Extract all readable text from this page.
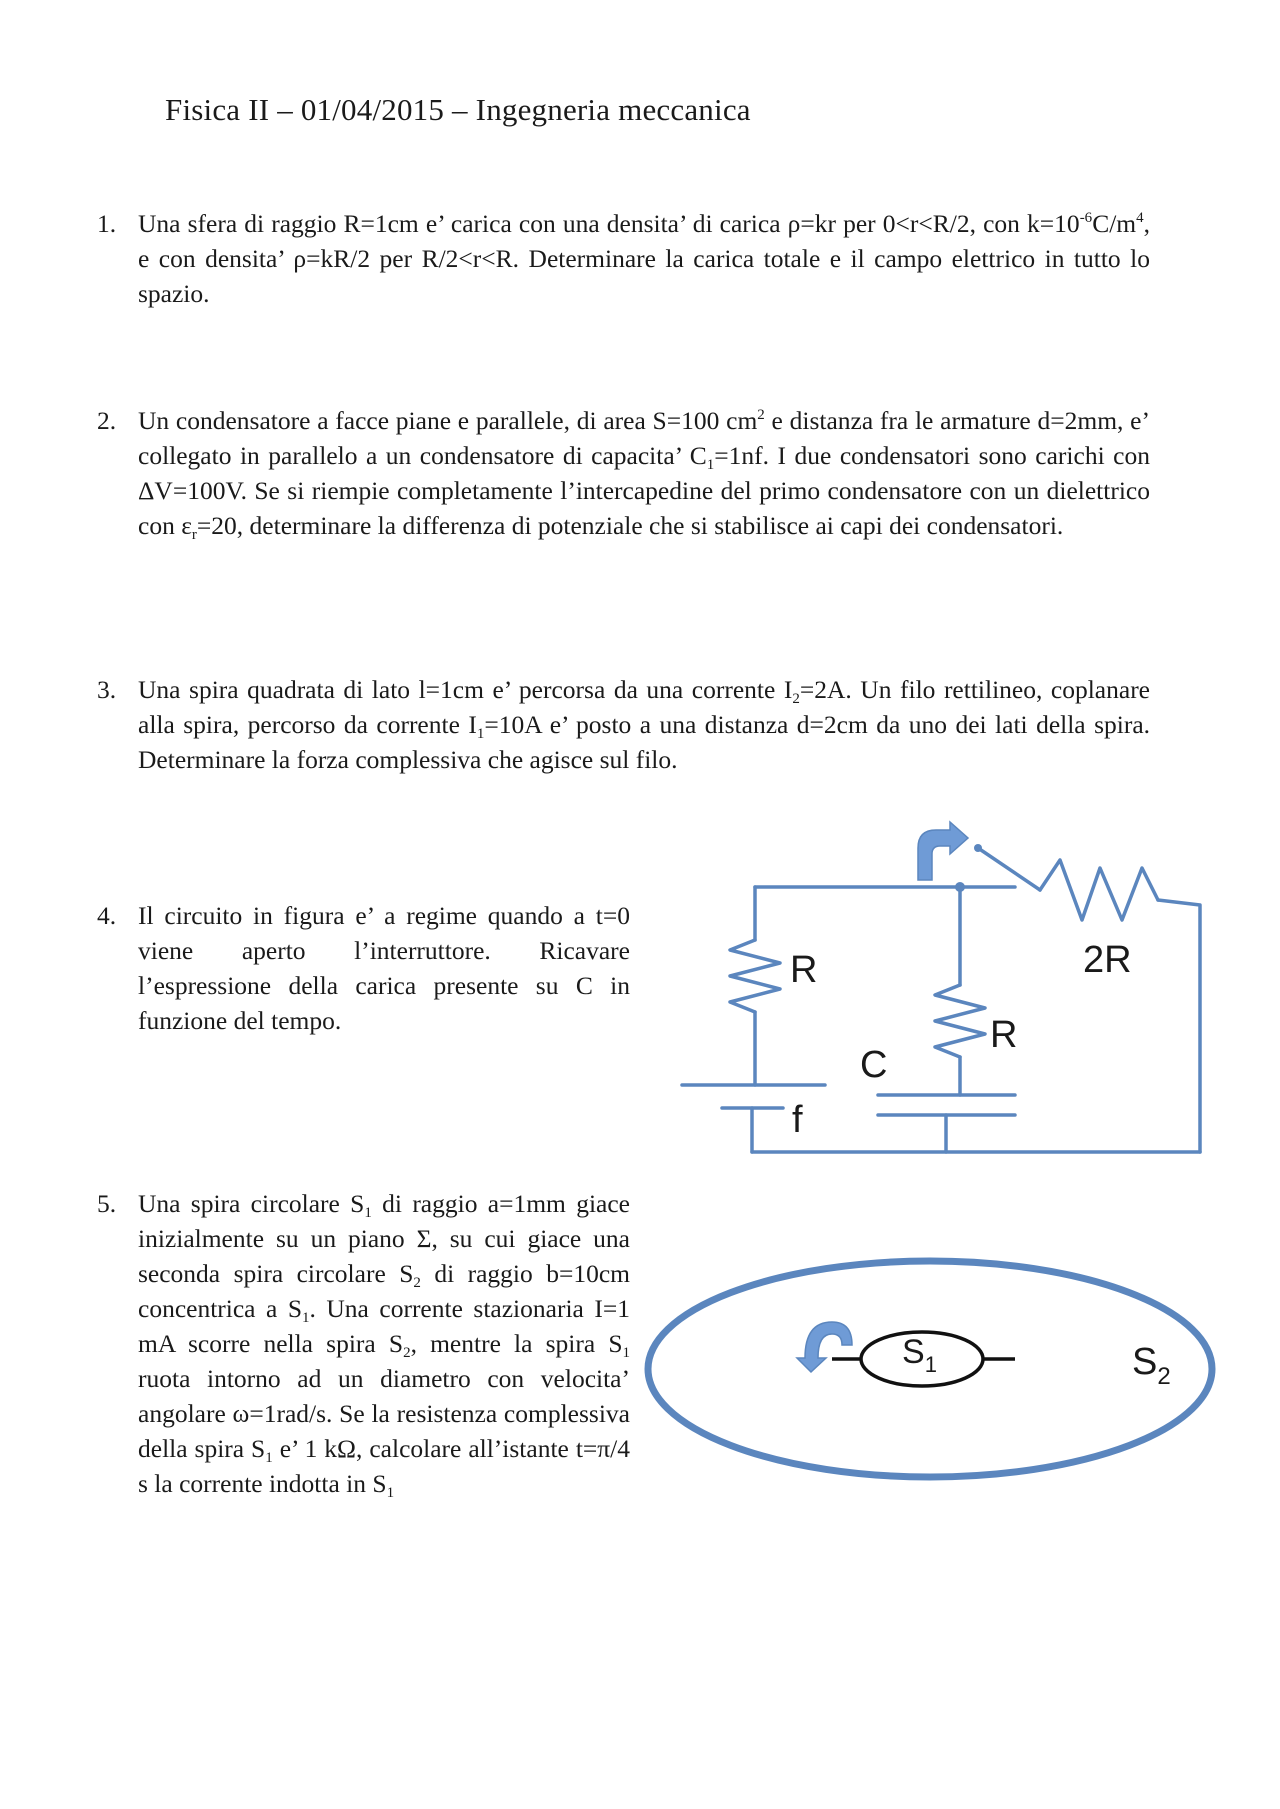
Fisica II – 01/04/2015 – Ingegneria meccanica
1. Una sfera di raggio R=1cm e’ carica con una densita’ di carica ρ=kr per 0<r<R/2, con $k=10^{-6}C/m^4$, e con densita’ ρ=kR/2 per R/2<r<R. Determinare la carica totale e il campo elettrico in tutto lo spazio.
2. Un condensatore a facce piane e parallele, di area S=100 $cm^2$ e distanza fra le armature d=2mm, e’ collegato in parallelo a un condensatore di capacita’ $C_1=1nf$. I due condensatori sono carichi con ΔV=100V. Se si riempie completamente l’intercapedine del primo condensatore con un dielettrico con $\varepsilon_r=20$, determinare la differenza di potenziale che si stabilisce ai capi dei condensatori.
3. Una spira quadrata di lato l=1cm e’ percorsa da una corrente $I_2=2A$. Un filo rettilineo, coplanare alla spira, percorso da corrente $I_1=10A$ e’ posto a una distanza d=2cm da uno dei lati della spira. Determinare la forza complessiva che agisce sul filo.
4. Il circuito in figura e’ a regime quando a t=0 viene aperto l’interruttore. Ricavare l’espressione della carica presente su C in funzione del tempo.
5. Una spira circolare $S_1$ di raggio a=1mm giace inizialmente su un piano Σ, su cui giace una seconda spira circolare $S_2$ di raggio b=10cm concentrica a $S_1$. Una corrente stazionaria I=1 mA scorre nella spira $S_2$, mentre la spira $S_1$ ruota intorno ad un diametro con velocita’ angolare ω=1rad/s. Se la resistenza complessiva della spira $S_1$ e’ 1 kΩ, calcolare all’istante t=π/4 s la corrente indotta in $S_1$
R	2R
R
C
f
$S_1$	$S_2$
